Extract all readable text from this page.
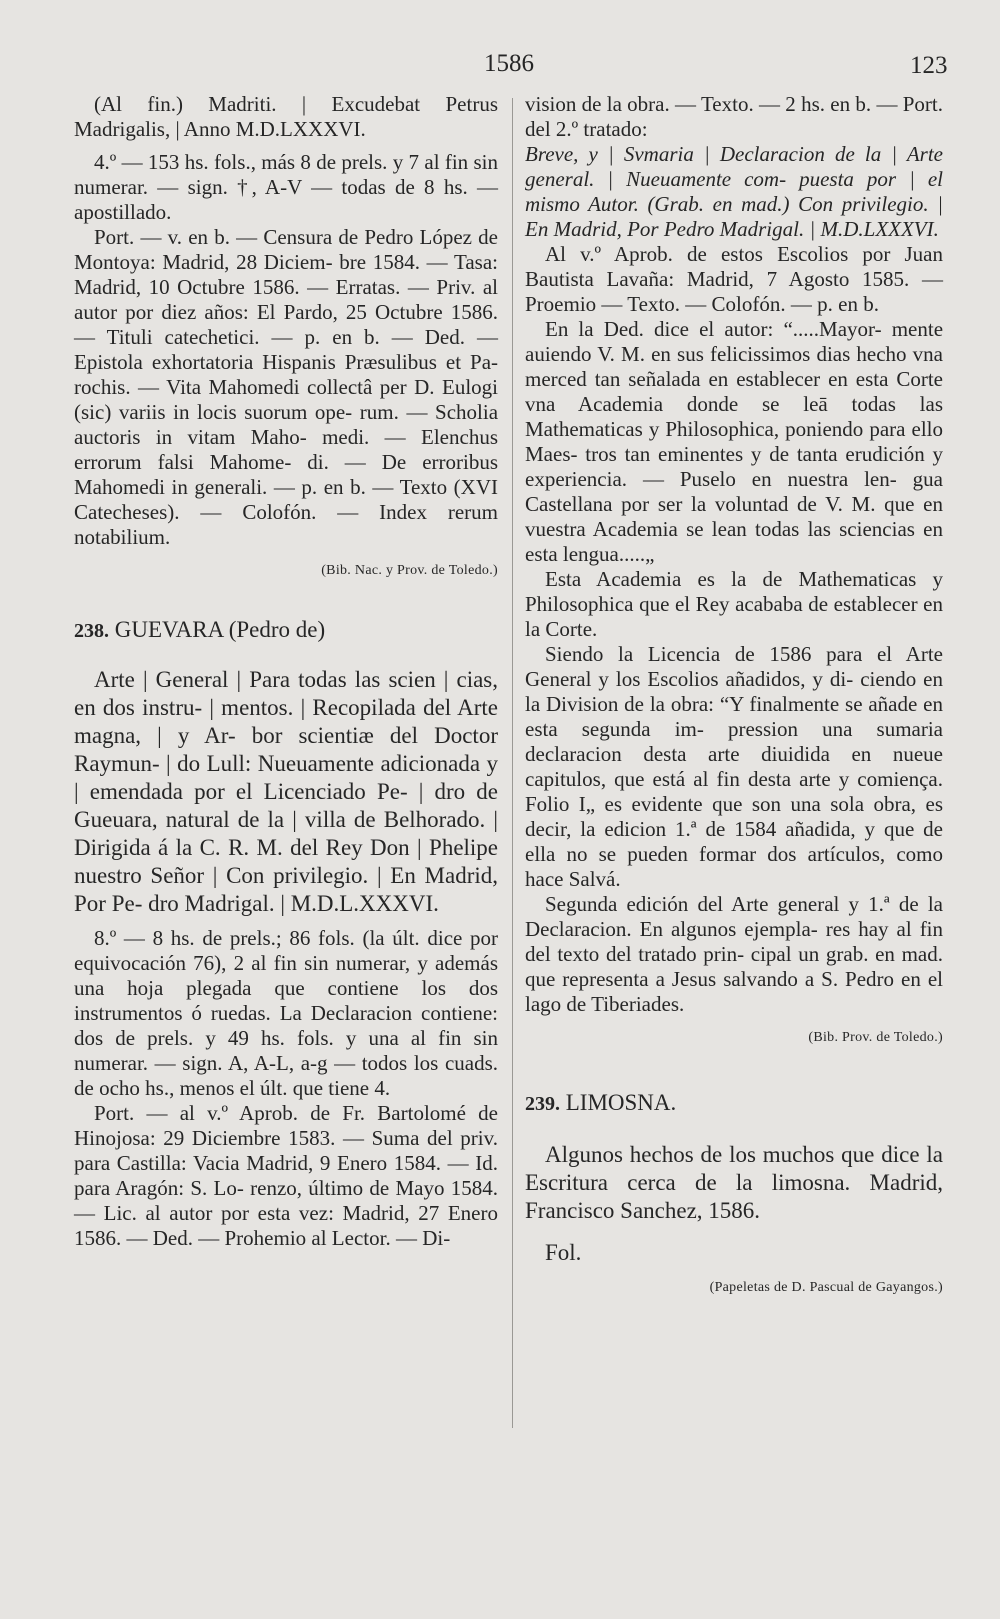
1586	123

(Al fin.) Madriti. | Excudebat Petrus Madrigalis, | Anno M.D.LXXXVI.

4.º — 153 hs. fols., más 8 de prels. y 7 al fin sin numerar. — sign. †, A-V — todas de 8 hs. — apostillado.

Port. — v. en b. — Censura de Pedro López de Montoya: Madrid, 28 Diciem- bre 1584. — Tasa: Madrid, 10 Octubre 1586. — Erratas. — Priv. al autor por diez años: El Pardo, 25 Octubre 1586. — Tituli catechetici. — p. en b. — Ded. — Epistola exhortatoria Hispanis Præsulibus et Pa- rochis. — Vita Mahomedi collectâ per D. Eulogi (sic) variis in locis suorum ope- rum. — Scholia auctoris in vitam Maho- medi. — Elenchus errorum falsi Mahome- di. — De erroribus Mahomedi in generali. — p. en b. — Texto (XVI Catecheses). — Colofón. — Index rerum notabilium.

(Bib. Nac. y Prov. de Toledo.)

238. GUEVARA (Pedro de)

Arte | General | Para todas las scien | cias, en dos instru- | mentos. | Recopilada del Arte magna, | y Ar- bor scientiæ del Doctor Raymun- | do Lull: Nueuamente adicionada y | emendada por el Licenciado Pe- | dro de Gueuara, natural de la | villa de Belhorado. | Dirigida á la C. R. M. del Rey Don | Phelipe nuestro Señor | Con privilegio. | En Madrid, Por Pe- dro Madrigal. | M.D.L.XXXVI.

8.º — 8 hs. de prels.; 86 fols. (la últ. dice por equivocación 76), 2 al fin sin numerar, y además una hoja plegada que contiene los dos instrumentos ó ruedas. La Declaracion contiene: dos de prels. y 49 hs. fols. y una al fin sin numerar. — sign. A, A-L, a-g — todos los cuads. de ocho hs., menos el últ. que tiene 4.

Port. — al v.º Aprob. de Fr. Bartolomé de Hinojosa: 29 Diciembre 1583. — Suma del priv. para Castilla: Vacia Madrid, 9 Enero 1584. — Id. para Aragón: S. Lo- renzo, último de Mayo 1584. — Lic. al autor por esta vez: Madrid, 27 Enero 1586. — Ded. — Prohemio al Lector. — Di-

vision de la obra. — Texto. — 2 hs. en b. — Port. del 2.º tratado:

Breve, y | Svmaria | Declaracion de la | Arte general. | Nueuamente com- puesta por | el mismo Autor. (Grab. en mad.) Con privilegio. | En Madrid, Por Pedro Madrigal. | M.D.LXXXVI.

Al v.º Aprob. de estos Escolios por Juan Bautista Lavaña: Madrid, 7 Agosto 1585. — Proemio — Texto. — Colofón. — p. en b.

En la Ded. dice el autor: “.....Mayor- mente auiendo V. M. en sus felicissimos dias hecho vna merced tan señalada en establecer en esta Corte vna Academia donde se leā todas las Mathematicas y Philosophica, poniendo para ello Maes- tros tan eminentes y de tanta erudición y experiencia. — Puselo en nuestra len- gua Castellana por ser la voluntad de V. M. que en vuestra Academia se lean todas las sciencias en esta lengua.....„

Esta Academia es la de Mathematicas y Philosophica que el Rey acababa de establecer en la Corte.

Siendo la Licencia de 1586 para el Arte General y los Escolios añadidos, y di- ciendo en la Division de la obra: “Y finalmente se añade en esta segunda im- pression una sumaria declaracion desta arte diuidida en nueue capitulos, que está al fin desta arte y comiença. Folio I„ es evidente que son una sola obra, es decir, la edicion 1.ª de 1584 añadida, y que de ella no se pueden formar dos artículos, como hace Salvá.

Segunda edición del Arte general y 1.ª de la Declaracion. En algunos ejempla- res hay al fin del texto del tratado prin- cipal un grab. en mad. que representa a Jesus salvando a S. Pedro en el lago de Tiberiades.

(Bib. Prov. de Toledo.)

239. LIMOSNA.

Algunos hechos de los muchos que dice la Escritura cerca de la limosna. Madrid, Francisco Sanchez, 1586.

Fol.

(Papeletas de D. Pascual de Gayangos.)
